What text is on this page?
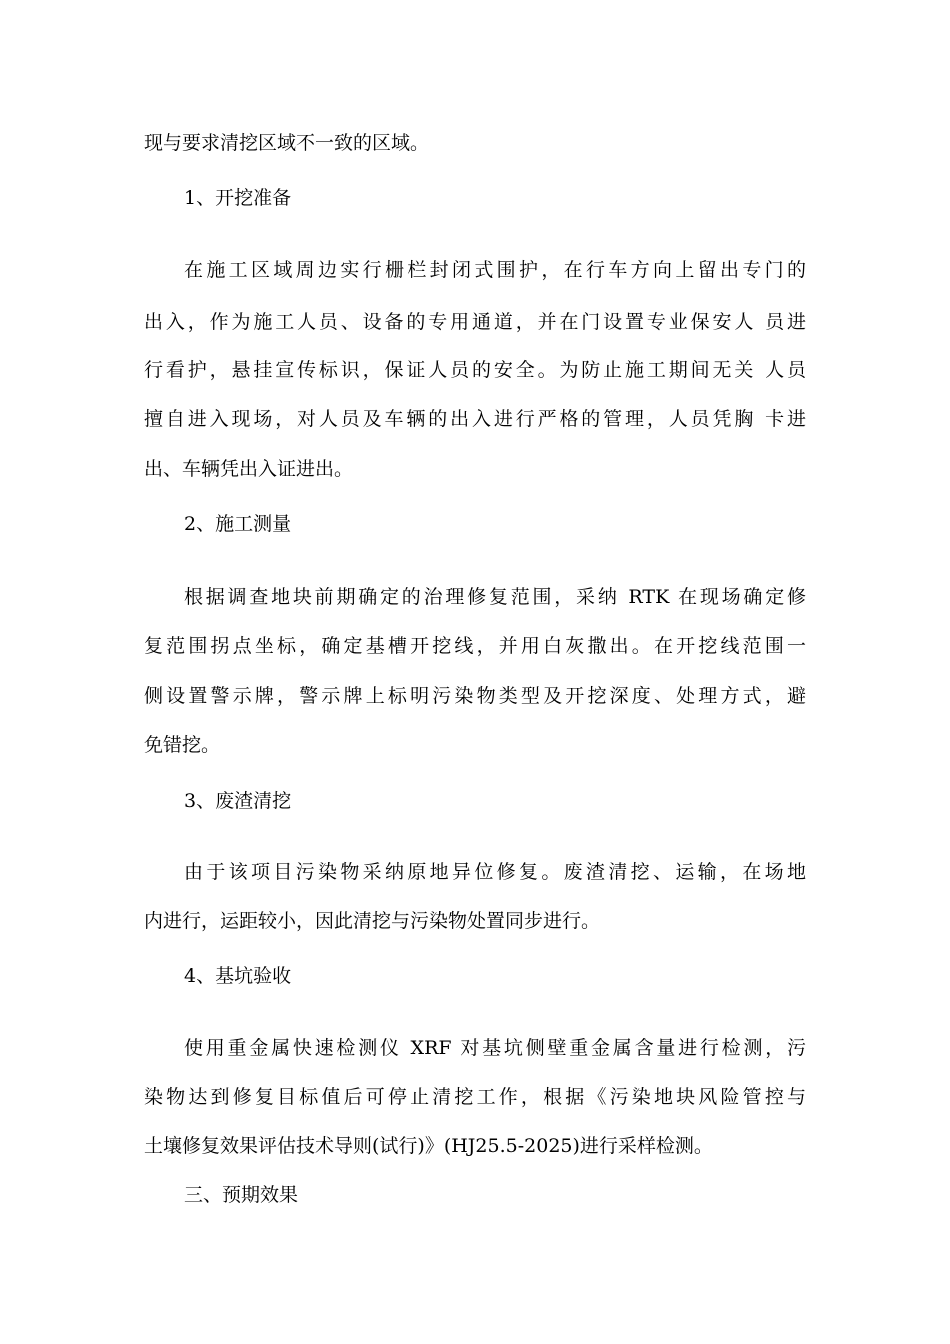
现与要求清挖区域不一致的区域。
1、开挖准备
在施工区域周边实行栅栏封闭式围护，在行车方向上留出专门的
出入，作为施工人员、设备的专用通道，并在门设置专业保安人 员进
行看护，悬挂宣传标识，保证人员的安全。为防止施工期间无关 人员
擅自进入现场，对人员及车辆的出入进行严格的管理，人员凭胸 卡进
出、车辆凭出入证进出。
2、施工测量
根据调查地块前期确定的治理修复范围，采纳 RTK 在现场确定修
复范围拐点坐标，确定基槽开挖线，并用白灰撒出。在开挖线范围一
侧设置警示牌，警示牌上标明污染物类型及开挖深度、处理方式，避
免错挖。
3、废渣清挖
由于该项目污染物采纳原地异位修复。废渣清挖、运输，在场地
内进行，运距较小，因此清挖与污染物处置同步进行。
4、基坑验收
使用重金属快速检测仪 XRF 对基坑侧壁重金属含量进行检测，污
染物达到修复目标值后可停止清挖工作，根据《污染地块风险管控与
土壤修复效果评估技术导则(试行)》(HJ25.5-2025)进行采样检测。
三、预期效果
